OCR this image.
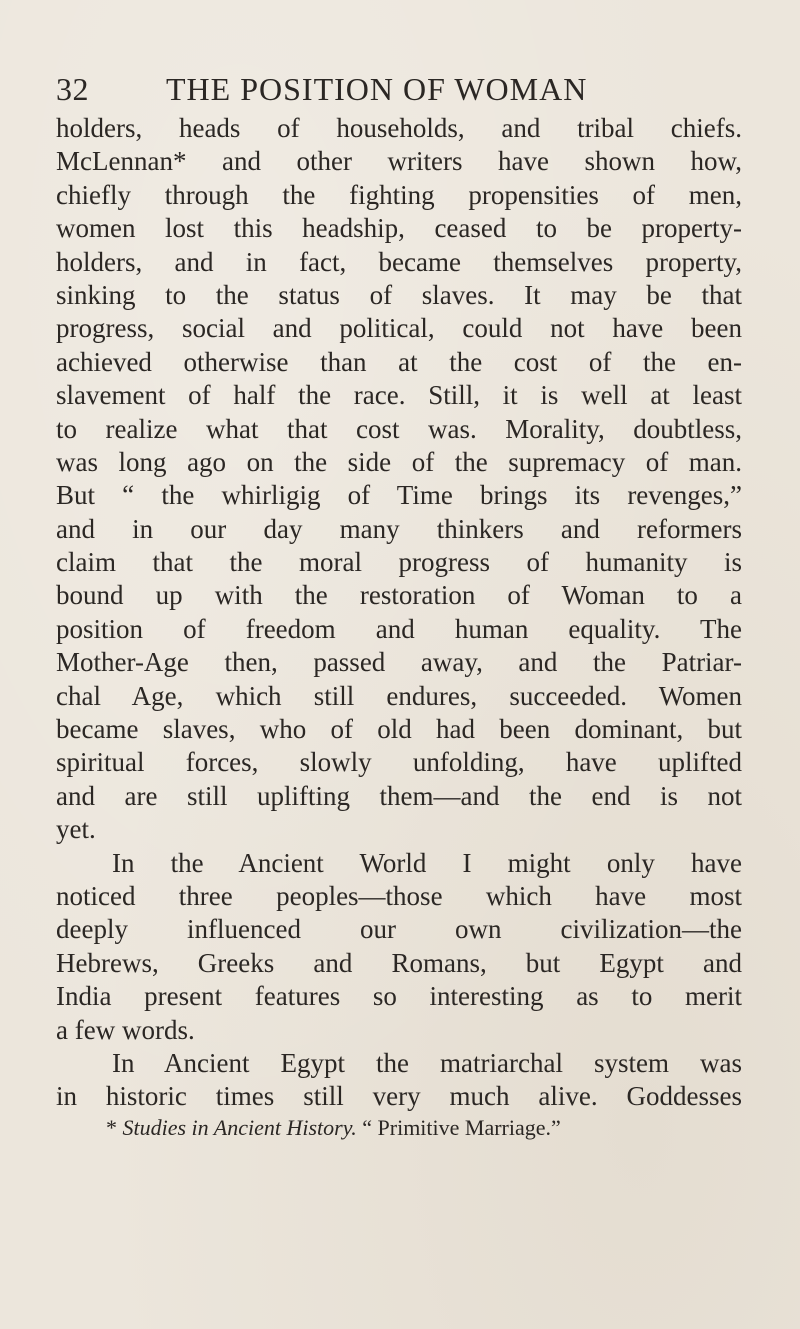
32 THE POSITION OF WOMAN
holders, heads of households, and tribal chiefs.
McLennan* and other writers have shown how,
chiefly through the fighting propensities of men,
women lost this headship, ceased to be property-
holders, and in fact, became themselves property,
sinking to the status of slaves. It may be that
progress, social and political, could not have been
achieved otherwise than at the cost of the en-
slavement of half the race. Still, it is well at least
to realize what that cost was. Morality, doubtless,
was long ago on the side of the supremacy of man.
But “ the whirligig of Time brings its revenges,”
and in our day many thinkers and reformers
claim that the moral progress of humanity is
bound up with the restoration of Woman to a
position of freedom and human equality. The
Mother-Age then, passed away, and the Patriar-
chal Age, which still endures, succeeded. Women
became slaves, who of old had been dominant, but
spiritual forces, slowly unfolding, have uplifted
and are still uplifting them—and the end is not
yet.
In the Ancient World I might only have
noticed three peoples—those which have most
deeply influenced our own civilization—the
Hebrews, Greeks and Romans, but Egypt and
India present features so interesting as to merit
a few words.
In Ancient Egypt the matriarchal system was
in historic times still very much alive. Goddesses
* Studies in Ancient History. “ Primitive Marriage.”
